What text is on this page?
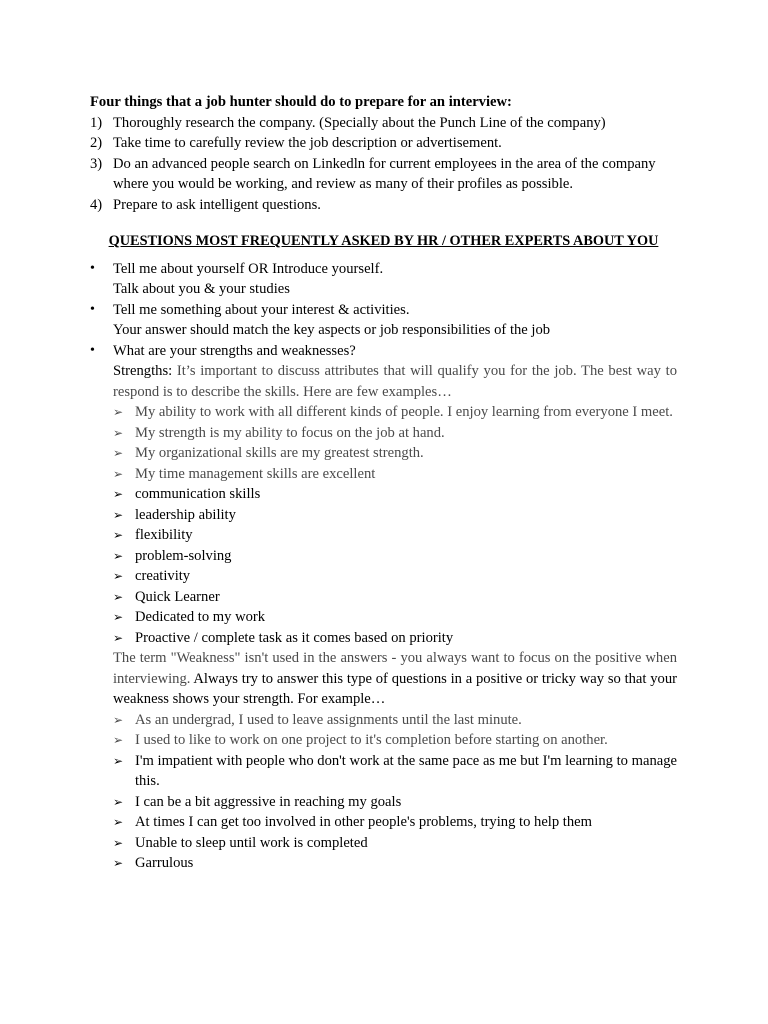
Four things that a job hunter should do to prepare for an interview:

1) Thoroughly research the company. (Specially about the Punch Line of the company)
2) Take time to carefully review the job description or advertisement.
3) Do an advanced people search on Linkedln for current employees in the area of the company where you would be working, and review as many of their profiles as possible.
4) Prepare to ask intelligent questions.

QUESTIONS MOST FREQUENTLY ASKED BY HR / OTHER EXPERTS ABOUT YOU

• Tell me about yourself OR Introduce yourself.
Talk about you & your studies
• Tell me something about your interest & activities.
Your answer should match the key aspects or job responsibilities of the job
• What are your strengths and weaknesses?
Strengths: It’s important to discuss attributes that will qualify you for the job. The best way to respond is to describe the skills. Here are few examples…
➢ My ability to work with all different kinds of people. I enjoy learning from everyone I meet.
➢ My strength is my ability to focus on the job at hand.
➢ My organizational skills are my greatest strength.
➢ My time management skills are excellent
➢ communication skills
➢ leadership ability
➢ flexibility
➢ problem-solving
➢ creativity
➢ Quick Learner
➢ Dedicated to my work
➢ Proactive / complete task as it comes based on priority
The term "Weakness" isn't used in the answers - you always want to focus on the positive when interviewing. Always try to answer this type of questions in a positive or tricky way so that your weakness shows your strength. For example…
➢ As an undergrad, I used to leave assignments until the last minute.
➢ I used to like to work on one project to it's completion before starting on another.
➢ I'm impatient with people who don't work at the same pace as me but I'm learning to manage this.
➢ I can be a bit aggressive in reaching my goals
➢ At times I can get too involved in other people's problems, trying to help them
➢ Unable to sleep until work is completed
➢ Garrulous
